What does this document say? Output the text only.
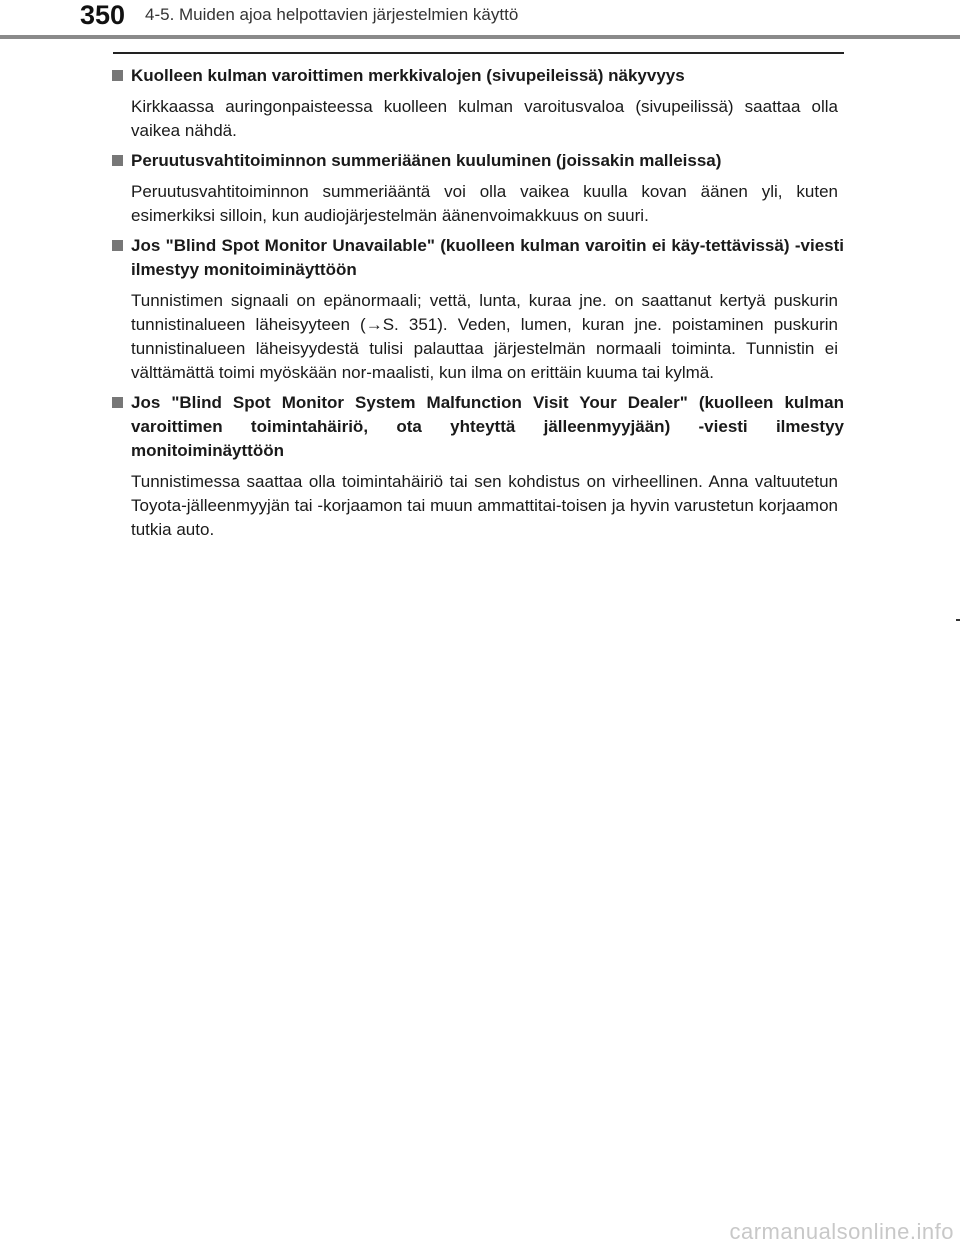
350 4-5. Muiden ajoa helpottavien järjestelmien käyttö
Kuolleen kulman varoittimen merkkivalojen (sivupeileissä) näkyvyys
Kirkkaassa auringonpaisteessa kuolleen kulman varoitusvaloa (sivupeilissä) saattaa olla vaikea nähdä.
Peruutusvahtitoiminnon summeriäänen kuuluminen (joissakin malleissa)
Peruutusvahtitoiminnon summeriääntä voi olla vaikea kuulla kovan äänen yli, kuten esimerkiksi silloin, kun audiojärjestelmän äänenvoimakkuus on suuri.
Jos "Blind Spot Monitor Unavailable" (kuolleen kulman varoitin ei käy-tettävissä) -viesti ilmestyy monitoiminäyttöön
Tunnistimen signaali on epänormaali; vettä, lunta, kuraa jne. on saattanut kertyä puskurin tunnistinalueen läheisyyteen (→S. 351). Veden, lumen, kuran jne. poistaminen puskurin tunnistinalueen läheisyydestä tulisi palauttaa järjestelmän normaali toiminta. Tunnistin ei välttämättä toimi myöskään nor-maalisti, kun ilma on erittäin kuuma tai kylmä.
Jos "Blind Spot Monitor System Malfunction Visit Your Dealer" (kuolleen kulman varoittimen toimintahäiriö, ota yhteyttä jälleenmyyjään) -viesti ilmestyy monitoiminäyttöön
Tunnistimessa saattaa olla toimintahäiriö tai sen kohdistus on virheellinen. Anna valtuutetun Toyota-jälleenmyyjän tai -korjaamon tai muun ammattitai-toisen ja hyvin varustetun korjaamon tutkia auto.
carmanualsonline.info
